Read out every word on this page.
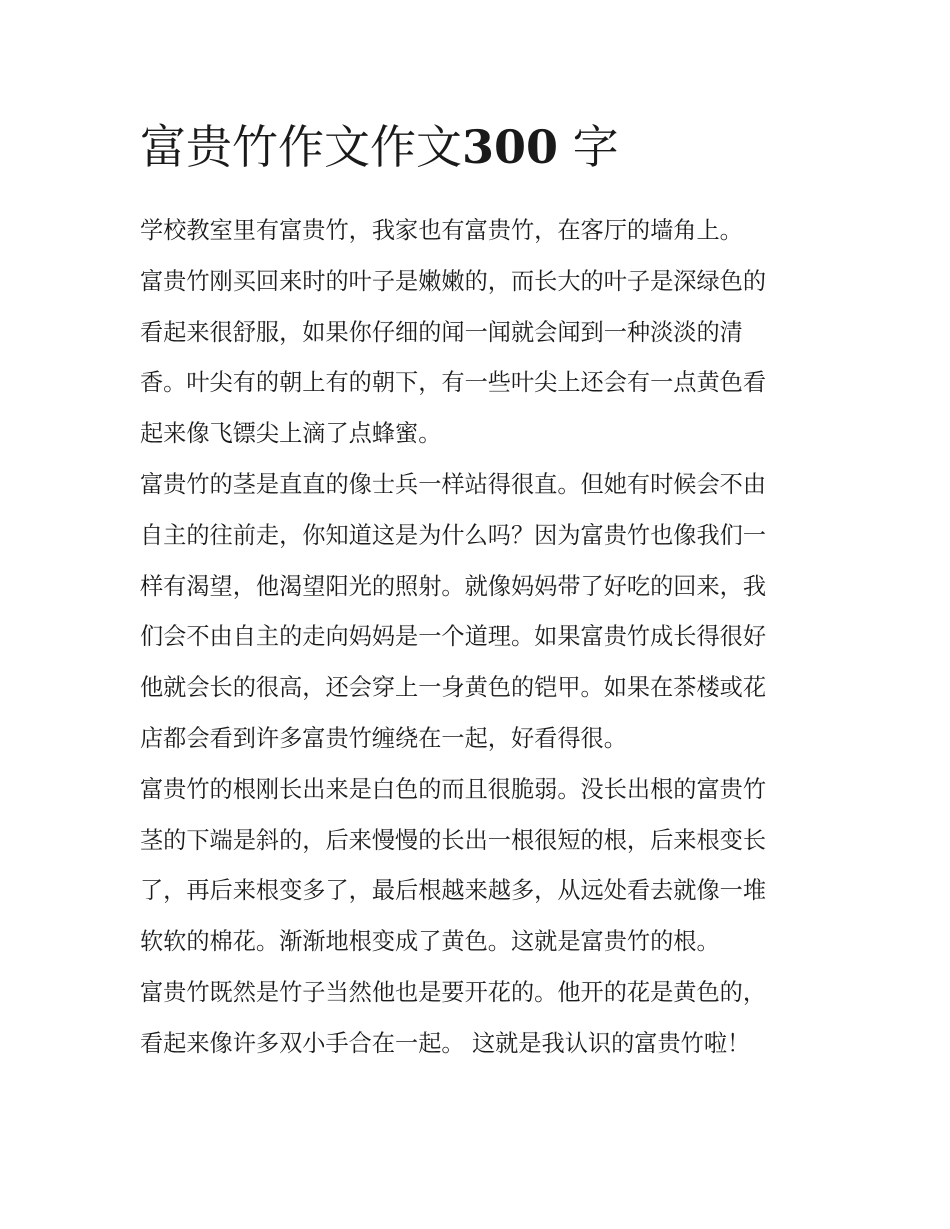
富贵竹作文作文300 字

学校教室里有富贵竹，我家也有富贵竹，在客厅的墙角上。

富贵竹刚买回来时的叶子是嫩嫩的，而长大的叶子是深绿色的
看起来很舒服，如果你仔细的闻一闻就会闻到一种淡淡的清
香。叶尖有的朝上有的朝下，有一些叶尖上还会有一点黄色看
起来像飞镖尖上滴了点蜂蜜。

富贵竹的茎是直直的像士兵一样站得很直。但她有时候会不由
自主的往前走，你知道这是为什么吗？因为富贵竹也像我们一
样有渴望，他渴望阳光的照射。就像妈妈带了好吃的回来，我
们会不由自主的走向妈妈是一个道理。如果富贵竹成长得很好
他就会长的很高，还会穿上一身黄色的铠甲。如果在茶楼或花
店都会看到许多富贵竹缠绕在一起，好看得很。

富贵竹的根刚长出来是白色的而且很脆弱。没长出根的富贵竹
茎的下端是斜的，后来慢慢的长出一根很短的根，后来根变长
了，再后来根变多了，最后根越来越多，从远处看去就像一堆
软软的棉花。渐渐地根变成了黄色。这就是富贵竹的根。

富贵竹既然是竹子当然他也是要开花的。他开的花是黄色的，
看起来像许多双小手合在一起。 这就是我认识的富贵竹啦！
